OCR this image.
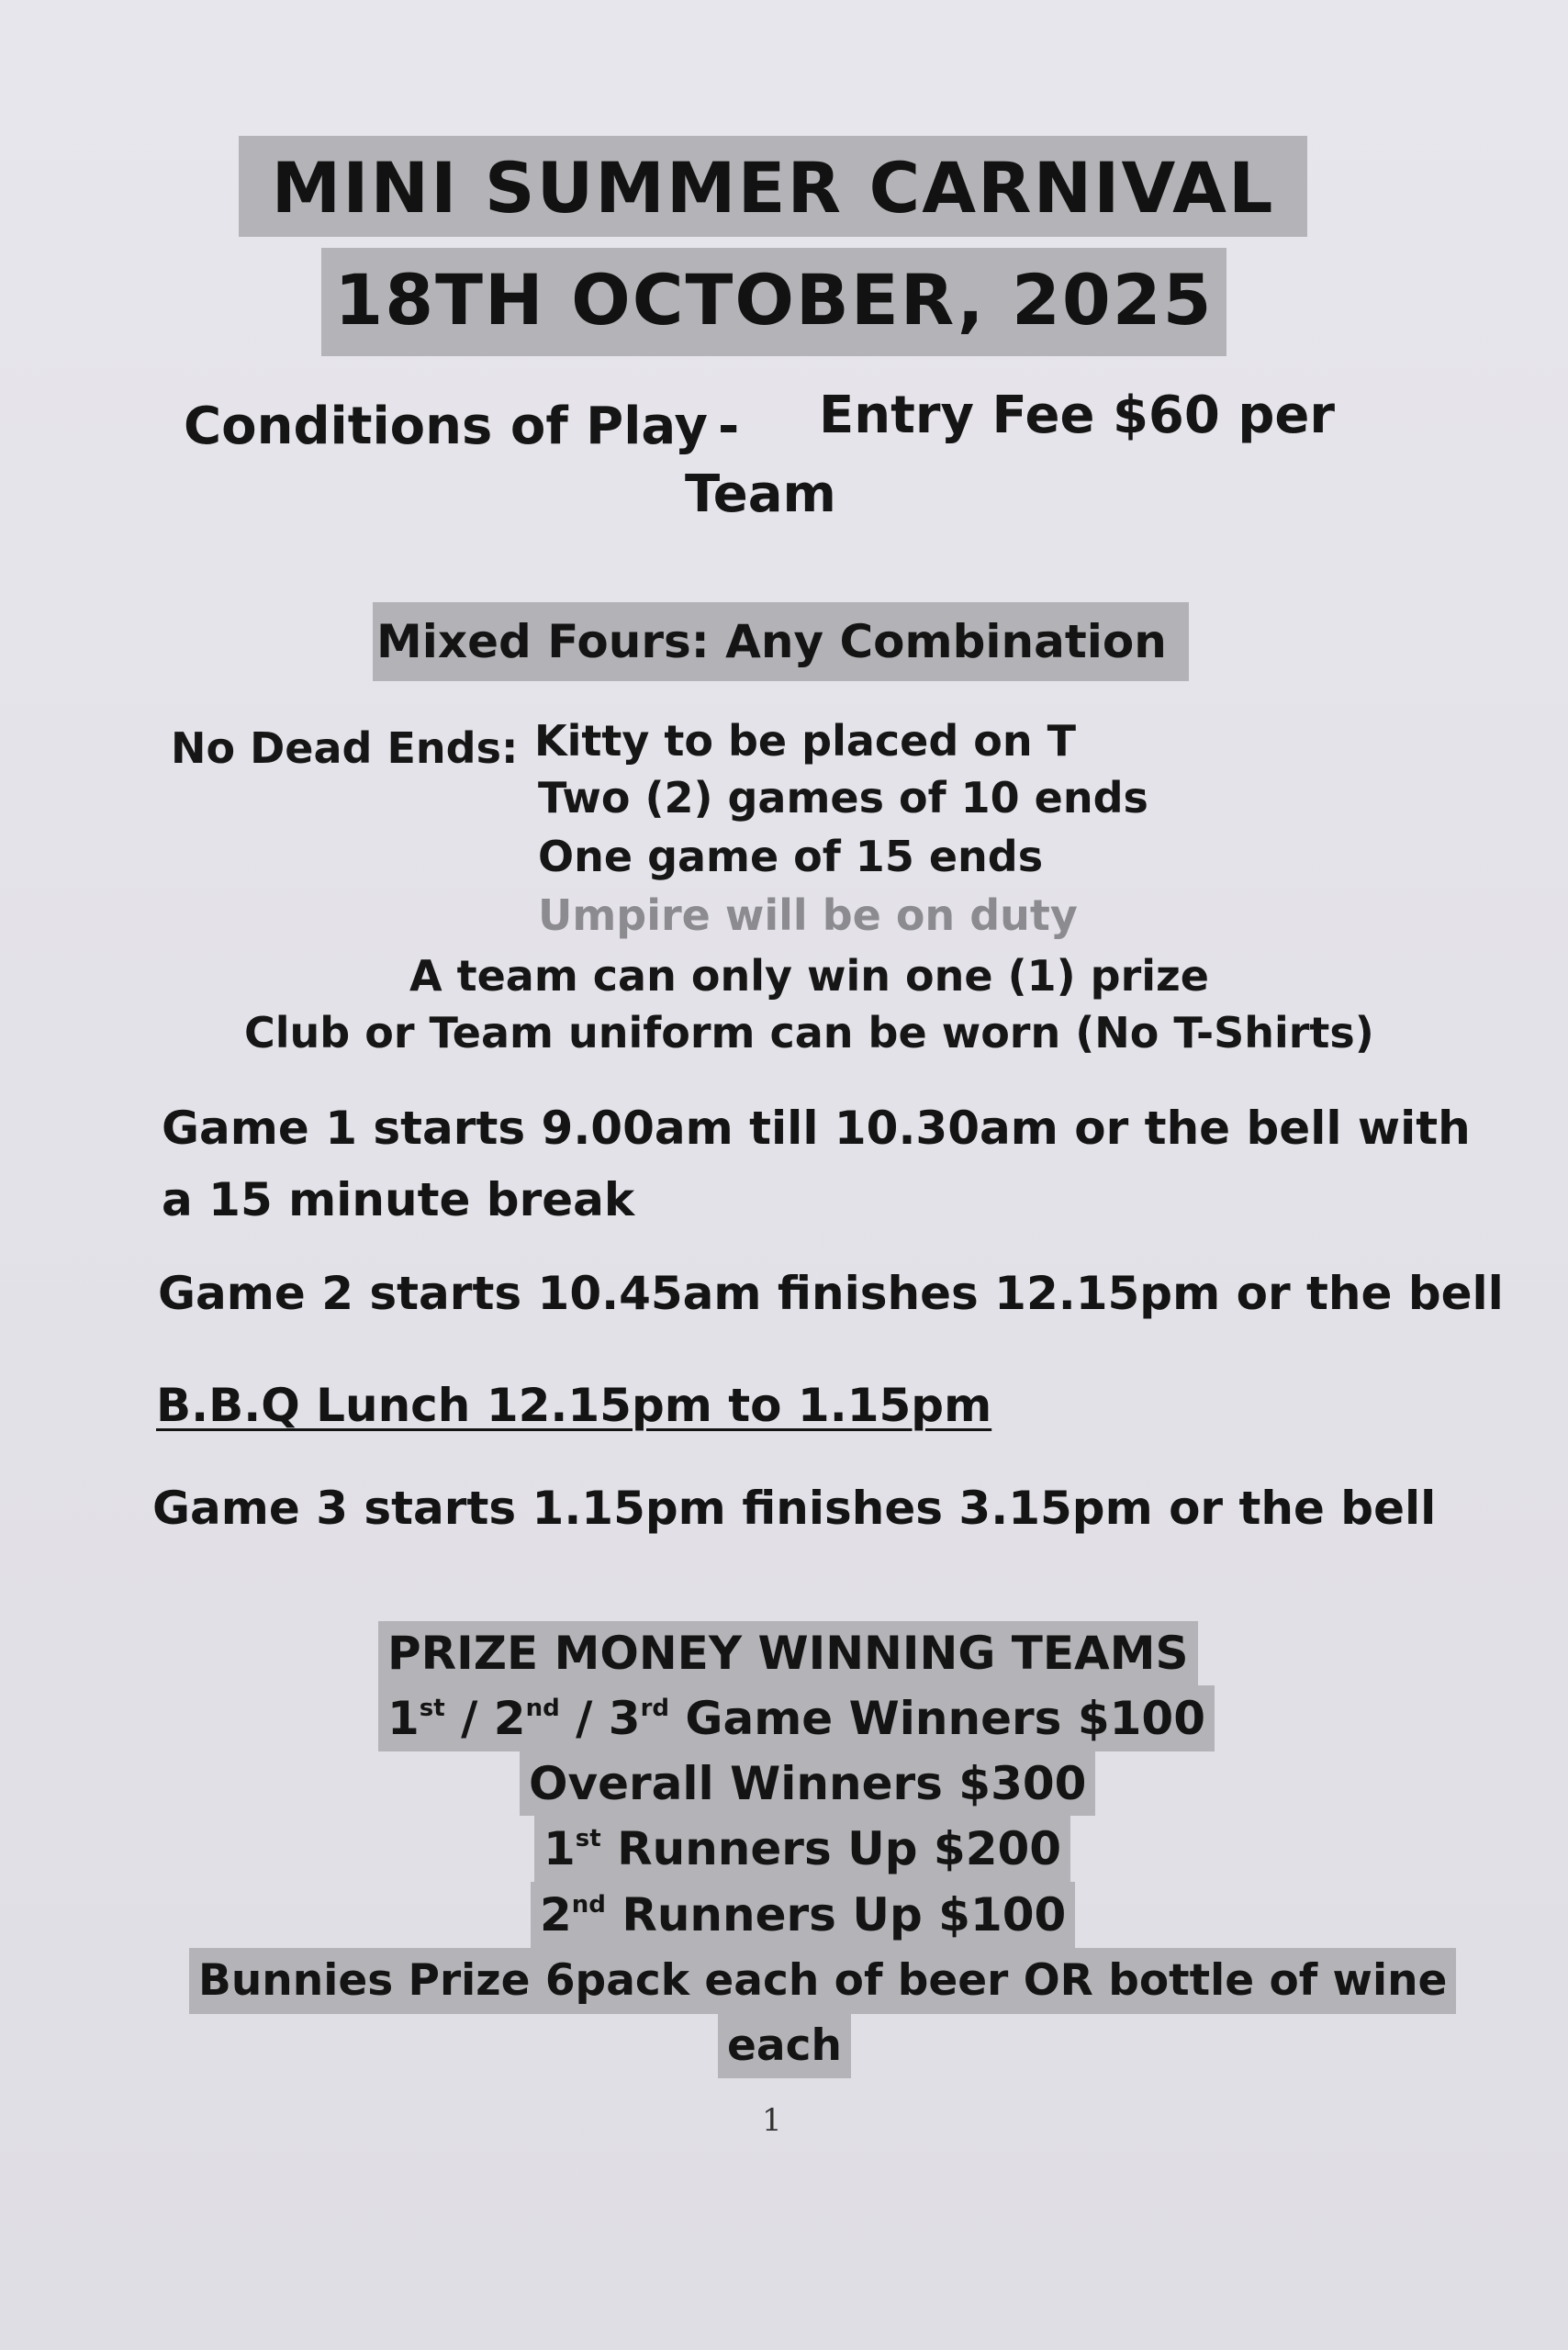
MINI SUMMER CARNIVAL
18TH OCTOBER, 2025
Conditions of Play - Entry Fee $60 per
Team
Mixed Fours: Any Combination
No Dead Ends: Kitty to be placed on T
Two (2) games of 10 ends
One game of 15 ends
Umpire will be on duty
A team can only win one (1) prize
Club or Team uniform can be worn (No T-Shirts)
Game 1 starts 9.00am till 10.30am or the bell with
a 15 minute break
Game 2 starts 10.45am finishes 12.15pm or the bell
B.B.Q Lunch 12.15pm to 1.15pm
Game 3 starts 1.15pm finishes 3.15pm or the bell
PRIZE MONEY WINNING TEAMS
1st / 2nd / 3rd Game Winners $100
Overall Winners $300
1st Runners Up $200
2nd Runners Up $100
Bunnies Prize 6pack each of beer OR bottle of wine
each
1
